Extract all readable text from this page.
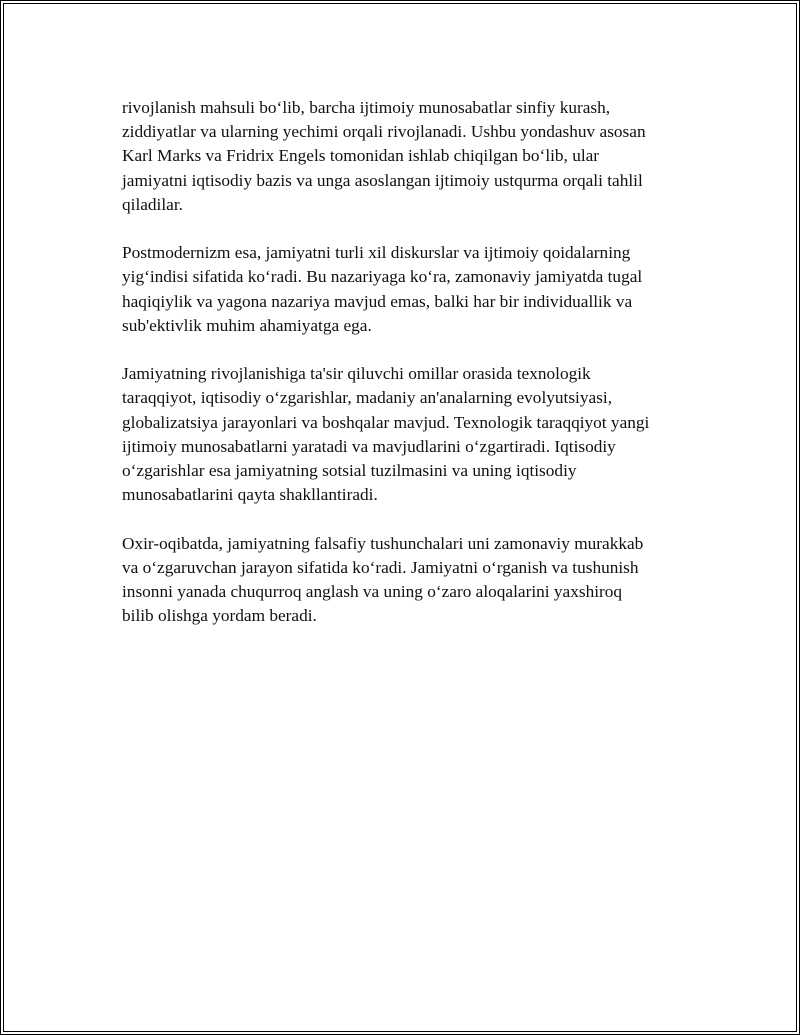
rivojlanish mahsuli boʻlib, barcha ijtimoiy munosabatlar sinfiy kurash,
ziddiyatlar va ularning yechimi orqali rivojlanadi. Ushbu yondashuv asosan
Karl Marks va Fridrix Engels tomonidan ishlab chiqilgan boʻlib, ular
jamiyatni iqtisodiy bazis va unga asoslangan ijtimoiy ustqurma orqali tahlil
qiladilar.

Postmodernizm esa, jamiyatni turli xil diskurslar va ijtimoiy qoidalarning
yigʻindisi sifatida koʻradi. Bu nazariyaga koʻra, zamonaviy jamiyatda tugal
haqiqiylik va yagona nazariya mavjud emas, balki har bir individuallik va
sub'ektivlik muhim ahamiyatga ega.

Jamiyatning rivojlanishiga ta'sir qiluvchi omillar orasida texnologik
taraqqiyot, iqtisodiy oʻzgarishlar, madaniy an'analarning evolyutsiyasi,
globalizatsiya jarayonlari va boshqalar mavjud. Texnologik taraqqiyot yangi
ijtimoiy munosabatlarni yaratadi va mavjudlarini oʻzgartiradi. Iqtisodiy
oʻzgarishlar esa jamiyatning sotsial tuzilmasini va uning iqtisodiy
munosabatlarini qayta shakllantiradi.

Oxir-oqibatda, jamiyatning falsafiy tushunchalari uni zamonaviy murakkab
va oʻzgaruvchan jarayon sifatida koʻradi. Jamiyatni oʻrganish va tushunish
insonni yanada chuqurroq anglash va uning oʻzaro aloqalarini yaxshiroq
bilib olishga yordam beradi.
